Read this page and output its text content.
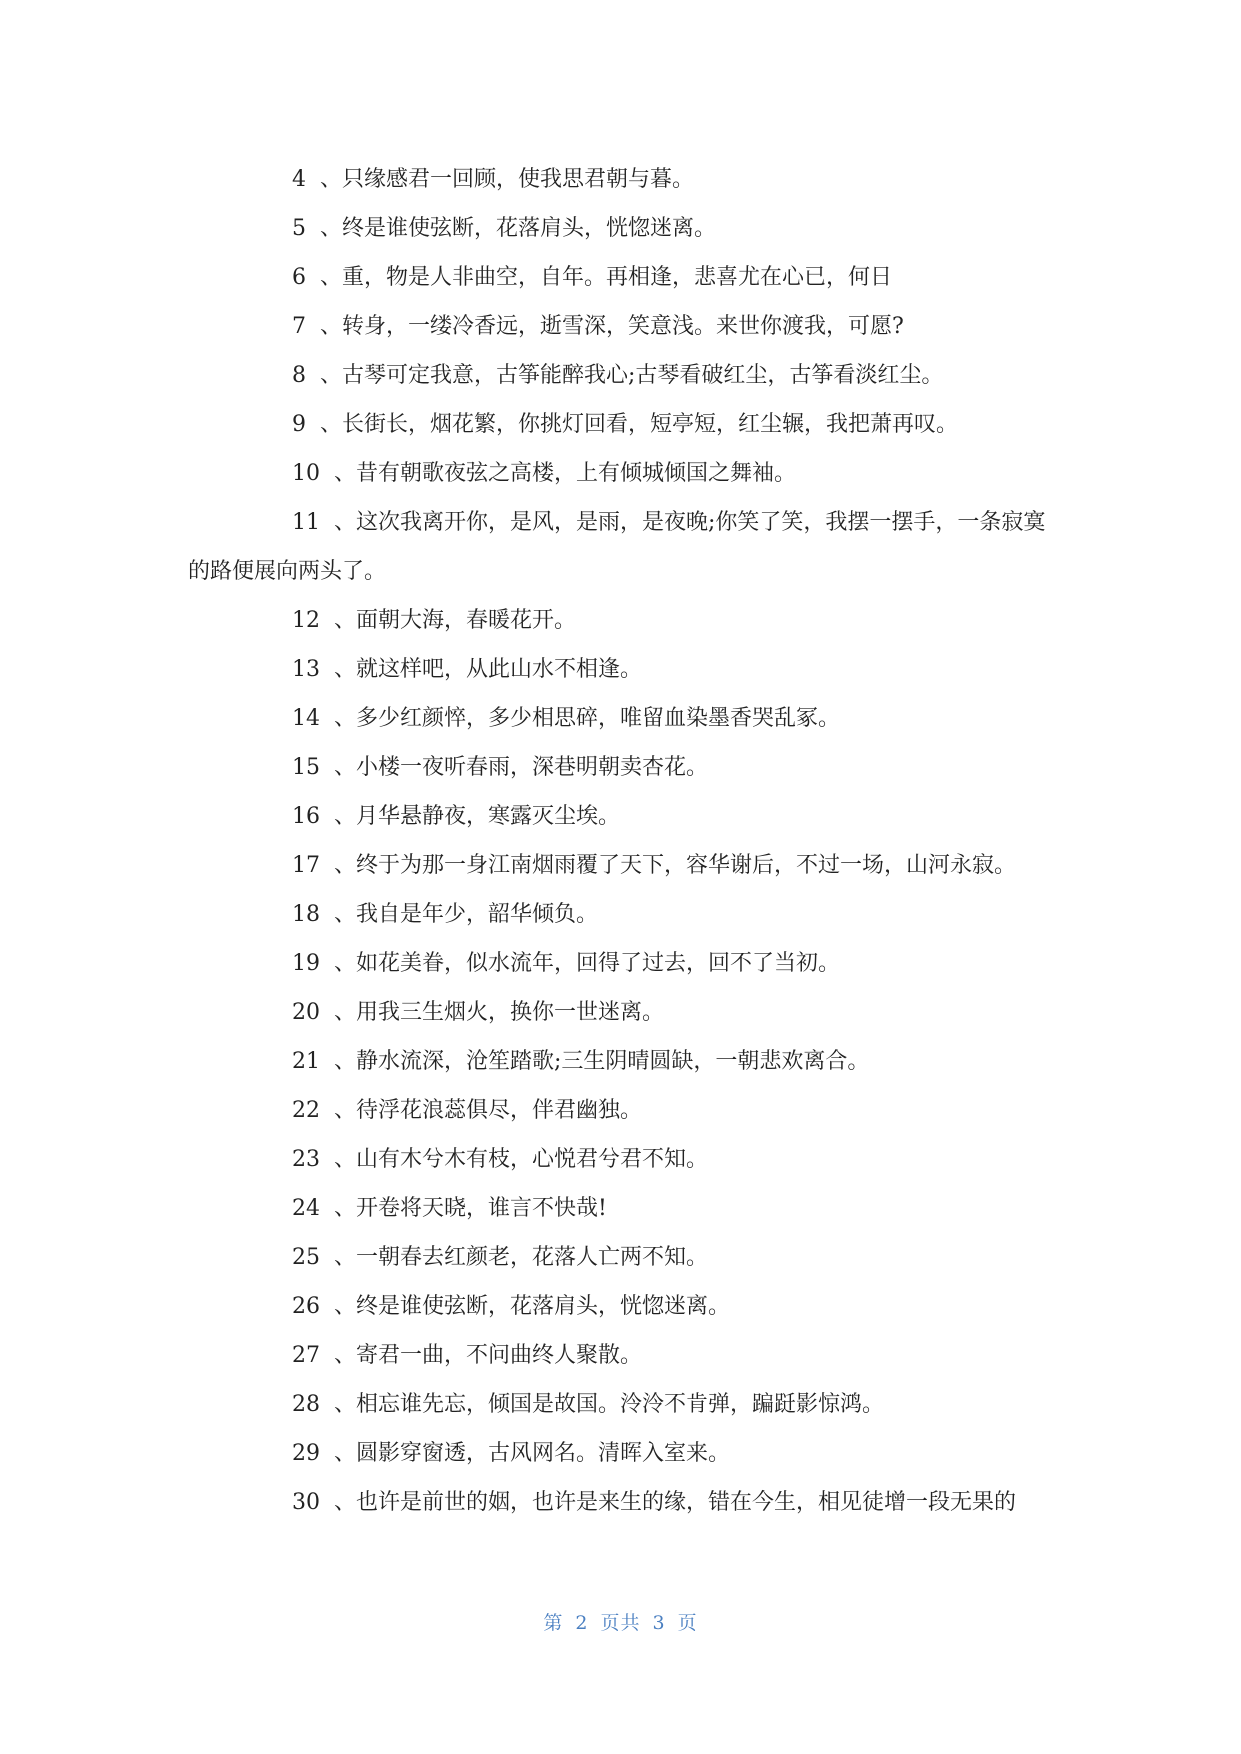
4 、只缘感君一回顾，使我思君朝与暮。

5 、终是谁使弦断，花落肩头，恍惚迷离。

6 、重，物是人非曲空，自年。再相逢，悲喜尤在心已，何日

7 、转身，一缕冷香远，逝雪深，笑意浅。来世你渡我，可愿?

8 、古琴可定我意，古筝能醉我心;古琴看破红尘，古筝看淡红尘。

9 、长街长，烟花繁，你挑灯回看，短亭短，红尘辗，我把萧再叹。

10 、昔有朝歌夜弦之高楼，上有倾城倾国之舞袖。

11 、这次我离开你，是风，是雨，是夜晚;你笑了笑，我摆一摆手，一条寂寞的路便展向两头了。

12 、面朝大海，春暖花开。

13 、就这样吧，从此山水不相逢。

14 、多少红颜悴，多少相思碎，唯留血染墨香哭乱冢。

15 、小楼一夜听春雨，深巷明朝卖杏花。

16 、月华悬静夜，寒露灭尘埃。

17 、终于为那一身江南烟雨覆了天下，容华谢后，不过一场，山河永寂。

18 、我自是年少，韶华倾负。

19 、如花美眷，似水流年，回得了过去，回不了当初。

20 、用我三生烟火，换你一世迷离。

21 、静水流深，沧笙踏歌;三生阴晴圆缺，一朝悲欢离合。

22 、待浮花浪蕊俱尽，伴君幽独。

23 、山有木兮木有枝，心悦君兮君不知。

24 、开卷将天晓，谁言不快哉!

25 、一朝春去红颜老，花落人亡两不知。

26 、终是谁使弦断，花落肩头，恍惚迷离。

27 、寄君一曲，不问曲终人聚散。

28 、相忘谁先忘，倾国是故国。泠泠不肯弹，蹁跹影惊鸿。

29 、圆影穿窗透，古风网名。清晖入室来。

30 、也许是前世的姻，也许是来生的缘，错在今生，相见徒增一段无果的

第 2 页共 3 页
